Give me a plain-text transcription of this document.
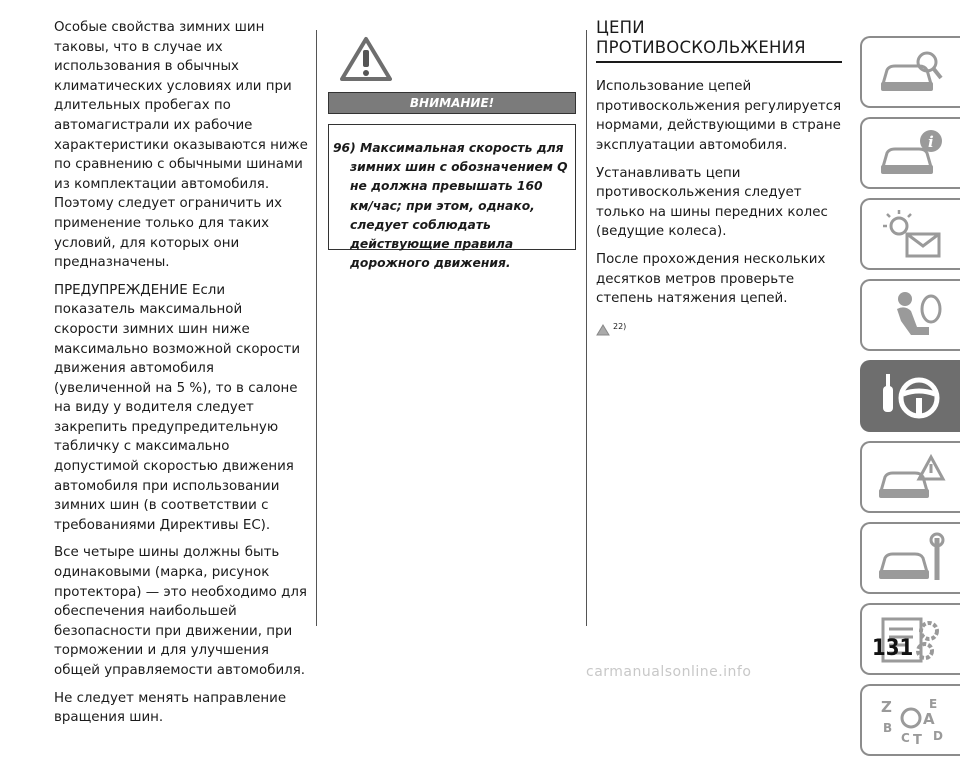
Особые свойства зимних шин таковы, что в случае их использования в обычных климатических условиях или при длительных пробегах по автомагистрали их рабочие характеристики оказываются ниже по сравнению с обычными шинами из комплектации автомобиля. Поэтому следует ограничить их применение только для таких условий, для которых они предназначены.

ПРЕДУПРЕЖДЕНИЕ Если показатель максимальной скорости зимних шин ниже максимально возможной скорости движения автомобиля (увеличенной на 5 %), то в салоне на виду у водителя следует закрепить предупредительную табличку с максимально допустимой скоростью движения автомобиля при использовании зимних шин (в соответствии с требованиями Директивы ЕС).

Все четыре шины должны быть одинаковыми (марка, рисунок протектора) — это необходимо для обеспечения наибольшей безопасности при движении, при торможении и для улучшения общей управляемости автомобиля.

Не следует менять направление вращения шин.

ВНИМАНИЕ!
96) Максимальная скорость для зимних шин с обозначением Q не должна превышать 160 км/час; при этом, однако, следует соблюдать действующие правила дорожного движения.
ЦЕПИ ПРОТИВОСКОЛЬЖЕНИЯ

Использование цепей противоскольжения регулируется нормами, действующими в стране эксплуатации автомобиля.

Устанавливать цепи противоскольжения следует только на шины передних колес (ведущие колеса).

После прохождения нескольких десятков метров проверьте степень натяжения цепей.

22)
i
Z	E
A
B
C T D
131
carmanualsonline.info
